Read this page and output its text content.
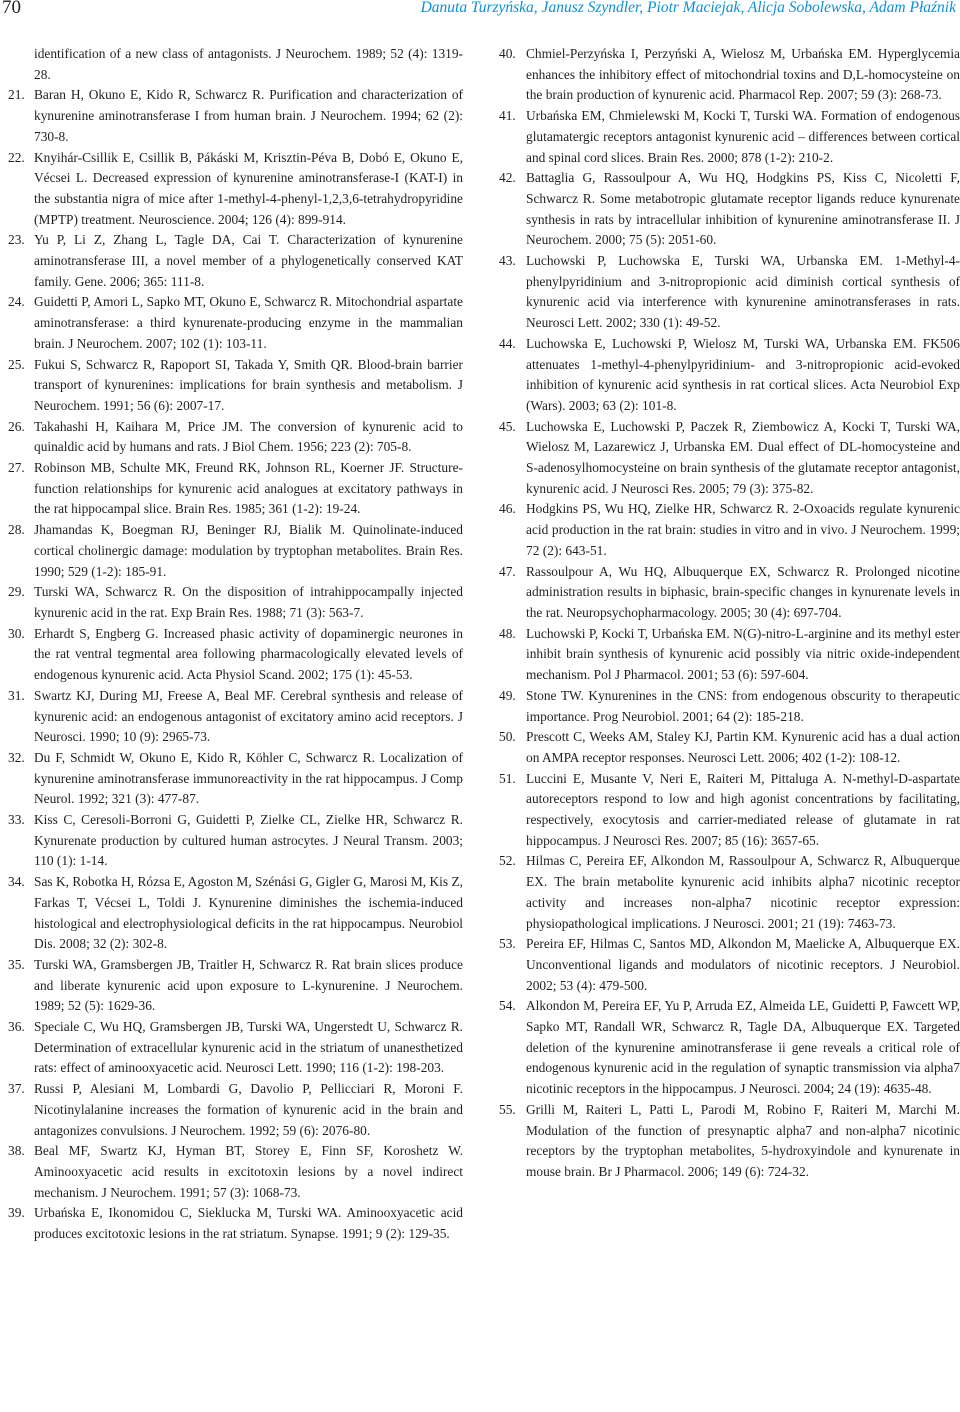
70	Danuta Turzyńska, Janusz Szyndler, Piotr Maciejak, Alicja Sobolewska, Adam Płaźnik
identification of a new class of antagonists. J Neurochem. 1989; 52 (4): 1319-28.
21. Baran H, Okuno E, Kido R, Schwarcz R. Purification and characterization of kynurenine aminotransferase I from human brain. J Neurochem. 1994; 62 (2): 730-8.
22. Knyihár-Csillik E, Csillik B, Pákáski M, Krisztin-Péva B, Dobó E, Okuno E, Vécsei L. Decreased expression of kynurenine aminotransferase-I (KAT-I) in the substantia nigra of mice after 1-methyl-4-phenyl-1,2,3,6-tetrahydropyridine (MPTP) treatment. Neuroscience. 2004; 126 (4): 899-914.
23. Yu P, Li Z, Zhang L, Tagle DA, Cai T. Characterization of kynurenine aminotransferase III, a novel member of a phylogenetically conserved KAT family. Gene. 2006; 365: 111-8.
24. Guidetti P, Amori L, Sapko MT, Okuno E, Schwarcz R. Mitochondrial aspartate aminotransferase: a third kynurenate-producing enzyme in the mammalian brain. J Neurochem. 2007; 102 (1): 103-11.
25. Fukui S, Schwarcz R, Rapoport SI, Takada Y, Smith QR. Blood-brain barrier transport of kynurenines: implications for brain synthesis and metabolism. J Neurochem. 1991; 56 (6): 2007-17.
26. Takahashi H, Kaihara M, Price JM. The conversion of kynurenic acid to quinaldic acid by humans and rats. J Biol Chem. 1956; 223 (2): 705-8.
27. Robinson MB, Schulte MK, Freund RK, Johnson RL, Koerner JF. Structure-function relationships for kynurenic acid analogues at excitatory pathways in the rat hippocampal slice. Brain Res. 1985; 361 (1-2): 19-24.
28. Jhamandas K, Boegman RJ, Beninger RJ, Bialik M. Quinolinate-induced cortical cholinergic damage: modulation by tryptophan metabolites. Brain Res. 1990; 529 (1-2): 185-91.
29. Turski WA, Schwarcz R. On the disposition of intrahippocampally injected kynurenic acid in the rat. Exp Brain Res. 1988; 71 (3): 563-7.
30. Erhardt S, Engberg G. Increased phasic activity of dopaminergic neurones in the rat ventral tegmental area following pharmacologically elevated levels of endogenous kynurenic acid. Acta Physiol Scand. 2002; 175 (1): 45-53.
31. Swartz KJ, During MJ, Freese A, Beal MF. Cerebral synthesis and release of kynurenic acid: an endogenous antagonist of excitatory amino acid receptors. J Neurosci. 1990; 10 (9): 2965-73.
32. Du F, Schmidt W, Okuno E, Kido R, Köhler C, Schwarcz R. Localization of kynurenine aminotransferase immunoreactivity in the rat hippocampus. J Comp Neurol. 1992; 321 (3): 477-87.
33. Kiss C, Ceresoli-Borroni G, Guidetti P, Zielke CL, Zielke HR, Schwarcz R. Kynurenate production by cultured human astrocytes. J Neural Transm. 2003; 110 (1): 1-14.
34. Sas K, Robotka H, Rózsa E, Agoston M, Szénási G, Gigler G, Marosi M, Kis Z, Farkas T, Vécsei L, Toldi J. Kynurenine diminishes the ischemia-induced histological and electrophysiological deficits in the rat hippocampus. Neurobiol Dis. 2008; 32 (2): 302-8.
35. Turski WA, Gramsbergen JB, Traitler H, Schwarcz R. Rat brain slices produce and liberate kynurenic acid upon exposure to L-kynurenine. J Neurochem. 1989; 52 (5): 1629-36.
36. Speciale C, Wu HQ, Gramsbergen JB, Turski WA, Ungerstedt U, Schwarcz R. Determination of extracellular kynurenic acid in the striatum of unanesthetized rats: effect of aminooxyacetic acid. Neurosci Lett. 1990; 116 (1-2): 198-203.
37. Russi P, Alesiani M, Lombardi G, Davolio P, Pellicciari R, Moroni F. Nicotinylalanine increases the formation of kynurenic acid in the brain and antagonizes convulsions. J Neurochem. 1992; 59 (6): 2076-80.
38. Beal MF, Swartz KJ, Hyman BT, Storey E, Finn SF, Koroshetz W. Aminooxyacetic acid results in excitotoxin lesions by a novel indirect mechanism. J Neurochem. 1991; 57 (3): 1068-73.
39. Urbańska E, Ikonomidou C, Sieklucka M, Turski WA. Aminooxyacetic acid produces excitotoxic lesions in the rat striatum. Synapse. 1991; 9 (2): 129-35.
40. Chmiel-Perzyńska I, Perzyński A, Wielosz M, Urbańska EM. Hyperglycemia enhances the inhibitory effect of mitochondrial toxins and D,L-homocysteine on the brain production of kynurenic acid. Pharmacol Rep. 2007; 59 (3): 268-73.
41. Urbańska EM, Chmielewski M, Kocki T, Turski WA. Formation of endogenous glutamatergic receptors antagonist kynurenic acid – differences between cortical and spinal cord slices. Brain Res. 2000; 878 (1-2): 210-2.
42. Battaglia G, Rassoulpour A, Wu HQ, Hodgkins PS, Kiss C, Nicoletti F, Schwarcz R. Some metabotropic glutamate receptor ligands reduce kynurenate synthesis in rats by intracellular inhibition of kynurenine aminotransferase II. J Neurochem. 2000; 75 (5): 2051-60.
43. Luchowski P, Luchowska E, Turski WA, Urbanska EM. 1-Methyl-4-phenylpyridinium and 3-nitropropionic acid diminish cortical synthesis of kynurenic acid via interference with kynurenine aminotransferases in rats. Neurosci Lett. 2002; 330 (1): 49-52.
44. Luchowska E, Luchowski P, Wielosz M, Turski WA, Urbanska EM. FK506 attenuates 1-methyl-4-phenylpyridinium- and 3-nitropropionic acid-evoked inhibition of kynurenic acid synthesis in rat cortical slices. Acta Neurobiol Exp (Wars). 2003; 63 (2): 101-8.
45. Luchowska E, Luchowski P, Paczek R, Ziembowicz A, Kocki T, Turski WA, Wielosz M, Lazarewicz J, Urbanska EM. Dual effect of DL-homocysteine and S-adenosylhomocysteine on brain synthesis of the glutamate receptor antagonist, kynurenic acid. J Neurosci Res. 2005; 79 (3): 375-82.
46. Hodgkins PS, Wu HQ, Zielke HR, Schwarcz R. 2-Oxoacids regulate kynurenic acid production in the rat brain: studies in vitro and in vivo. J Neurochem. 1999; 72 (2): 643-51.
47. Rassoulpour A, Wu HQ, Albuquerque EX, Schwarcz R. Prolonged nicotine administration results in biphasic, brain-specific changes in kynurenate levels in the rat. Neuropsychopharmacology. 2005; 30 (4): 697-704.
48. Luchowski P, Kocki T, Urbańska EM. N(G)-nitro-L-arginine and its methyl ester inhibit brain synthesis of kynurenic acid possibly via nitric oxide-independent mechanism. Pol J Pharmacol. 2001; 53 (6): 597-604.
49. Stone TW. Kynurenines in the CNS: from endogenous obscurity to therapeutic importance. Prog Neurobiol. 2001; 64 (2): 185-218.
50. Prescott C, Weeks AM, Staley KJ, Partin KM. Kynurenic acid has a dual action on AMPA receptor responses. Neurosci Lett. 2006; 402 (1-2): 108-12.
51. Luccini E, Musante V, Neri E, Raiteri M, Pittaluga A. N-methyl-D-aspartate autoreceptors respond to low and high agonist concentrations by facilitating, respectively, exocytosis and carrier-mediated release of glutamate in rat hippocampus. J Neurosci Res. 2007; 85 (16): 3657-65.
52. Hilmas C, Pereira EF, Alkondon M, Rassoulpour A, Schwarcz R, Albuquerque EX. The brain metabolite kynurenic acid inhibits alpha7 nicotinic receptor activity and increases non-alpha7 nicotinic receptor expression: physiopathological implications. J Neurosci. 2001; 21 (19): 7463-73.
53. Pereira EF, Hilmas C, Santos MD, Alkondon M, Maelicke A, Albuquerque EX. Unconventional ligands and modulators of nicotinic receptors. J Neurobiol. 2002; 53 (4): 479-500.
54. Alkondon M, Pereira EF, Yu P, Arruda EZ, Almeida LE, Guidetti P, Fawcett WP, Sapko MT, Randall WR, Schwarcz R, Tagle DA, Albuquerque EX. Targeted deletion of the kynurenine aminotransferase ii gene reveals a critical role of endogenous kynurenic acid in the regulation of synaptic transmission via alpha7 nicotinic receptors in the hippocampus. J Neurosci. 2004; 24 (19): 4635-48.
55. Grilli M, Raiteri L, Patti L, Parodi M, Robino F, Raiteri M, Marchi M. Modulation of the function of presynaptic alpha7 and non-alpha7 nicotinic receptors by the tryptophan metabolites, 5-hydroxyindole and kynurenate in mouse brain. Br J Pharmacol. 2006; 149 (6): 724-32.
